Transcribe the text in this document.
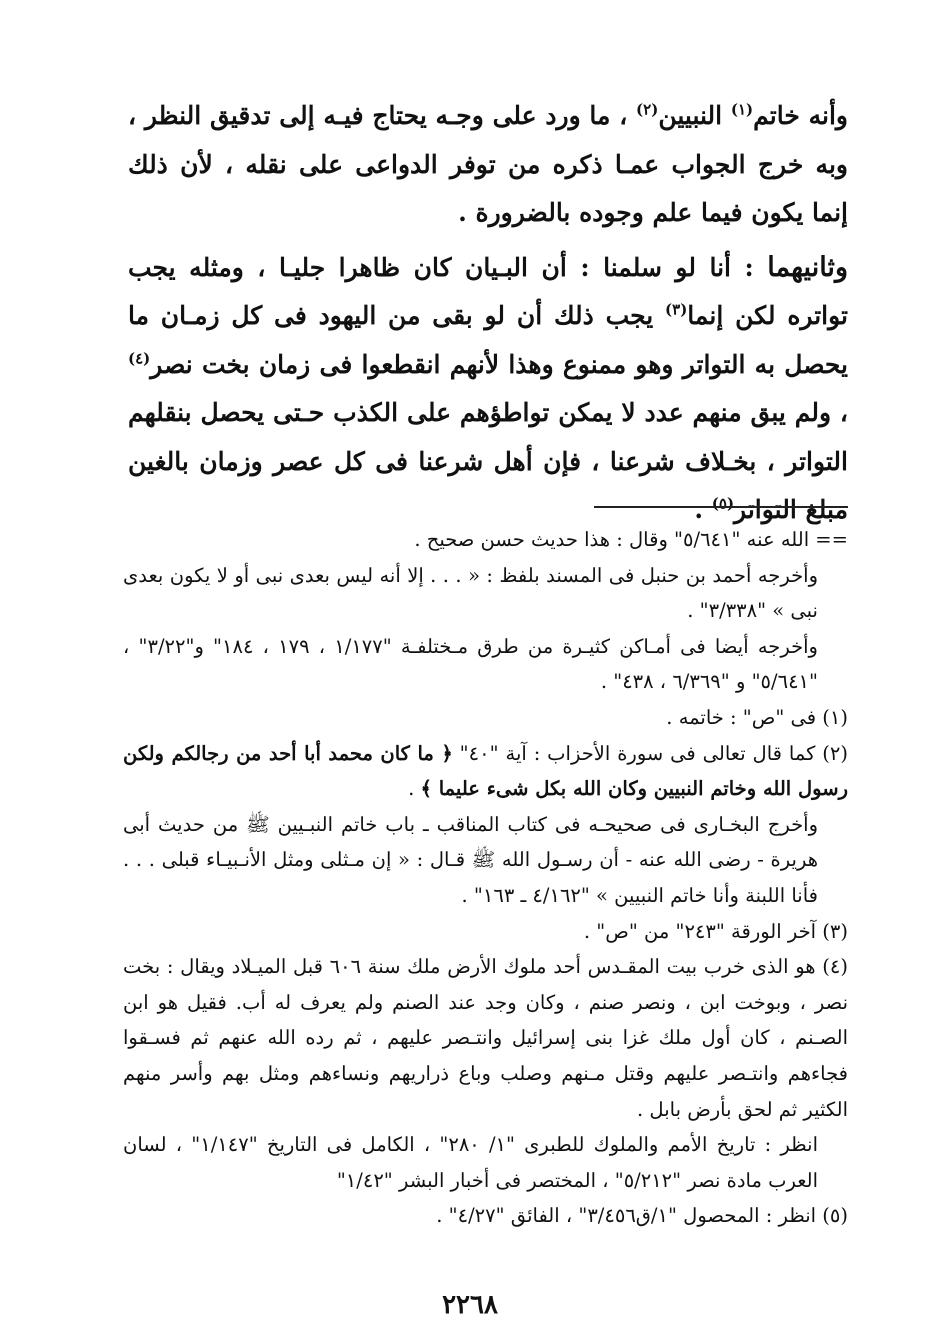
وأنه خاتم$^{(١)}$ النبيين$^{(٢)}$ ، ما ورد على وجـه يحتاج فيـه إلى تدقيق النظر ، وبه خرج الجواب عمـا ذكره من توفر الدواعى على نقله ، لأن ذلك إنما يكون فيما علم وجوده بالضرورة .

وثانيهما : أنا لو سلمنا : أن البـيان كان ظاهرا جليـا ، ومثله يجب تواتره لكن إنما$^{(٣)}$ يجب ذلك أن لو بقى من اليهود فى كل زمـان ما يحصل به التواتر وهو ممنوع وهذا لأنهم انقطعوا فى زمان بخت نصر$^{(٤)}$ ، ولم يبق منهم عدد لا يمكن تواطؤهم على الكذب حـتى يحصل بنقلهم التواتر ، بخـلاف شرعنا ، فإن أهل شرعنا فى كل عصر وزمان بالغين مبلغ التواتر$^{(٥)}$ .

== الله عنه "٥/٦٤١" وقال : هذا حديث حسن صحيح .

وأخرجه أحمد بن حنبل فى المسند بلفظ : « . . . إلا أنه ليس بعدى نبى أو لا يكون بعدى نبى » "٣/٣٣٨" .

وأخرجه أيضا فى أمـاكن كثيـرة من طرق مـختلفـة "١/١٧٧ ، ١٧٩ ، ١٨٤" و"٣/٢٢" ، "٥/٦٤١" و "٦/٣٦٩ ، ٤٣٨" .

(١) فى "ص" : خاتمه .

(٢) كما قال تعالى فى سورة الأحزاب : آية "٤٠" ﴿ ما كان محمد أبا أحد من رجالكم ولكن رسول الله وخاتم النبيين وكان الله بكل شىء عليما ﴾ .

وأخرج البخـارى فى صحيحـه فى كتاب المناقب ـ باب خاتم النبـيين ﷺ من حديث أبى هريرة - رضى الله عنه - أن رسـول الله ﷺ قـال : « إن مـثلى ومثل الأنـبيـاء قبلى . . . فأنا اللبنة وأنا خاتم النبيين » "٤/١٦٢ ـ ١٦٣" .

(٣) آخر الورقة "٢٤٣" من "ص" .

(٤) هو الذى خرب بيت المقـدس أحد ملوك الأرض ملك سنة ٦٠٦ قبل الميـلاد ويقال : بخت نصر ، وبوخت ابن ، ونصر صنم ، وكان وجد عند الصنم ولم يعرف له أب. فقيل هو ابن الصـنم ، كان أول ملك غزا بنى إسرائيل وانتـصر عليهم ، ثم رده الله عنهم ثم فسـقوا فجاءهم وانتـصر عليهم وقتل مـنهم وصلب وباع ذراريهم ونساءهم ومثل بهم وأسر منهم الكثير ثم لحق بأرض بابل .

انظر : تاريخ الأمم والملوك للطبرى "١/ ٢٨٠" ، الكامل فى التاريخ "١/١٤٧" ، لسان العرب مادة نصر "٥/٢١٢" ، المختصر فى أخبار البشر "١/٤٢"

(٥) انظر : المحصول "١/ق٣/٤٥٦" ، الفائق "٤/٢٧" .

٢٢٦٨
